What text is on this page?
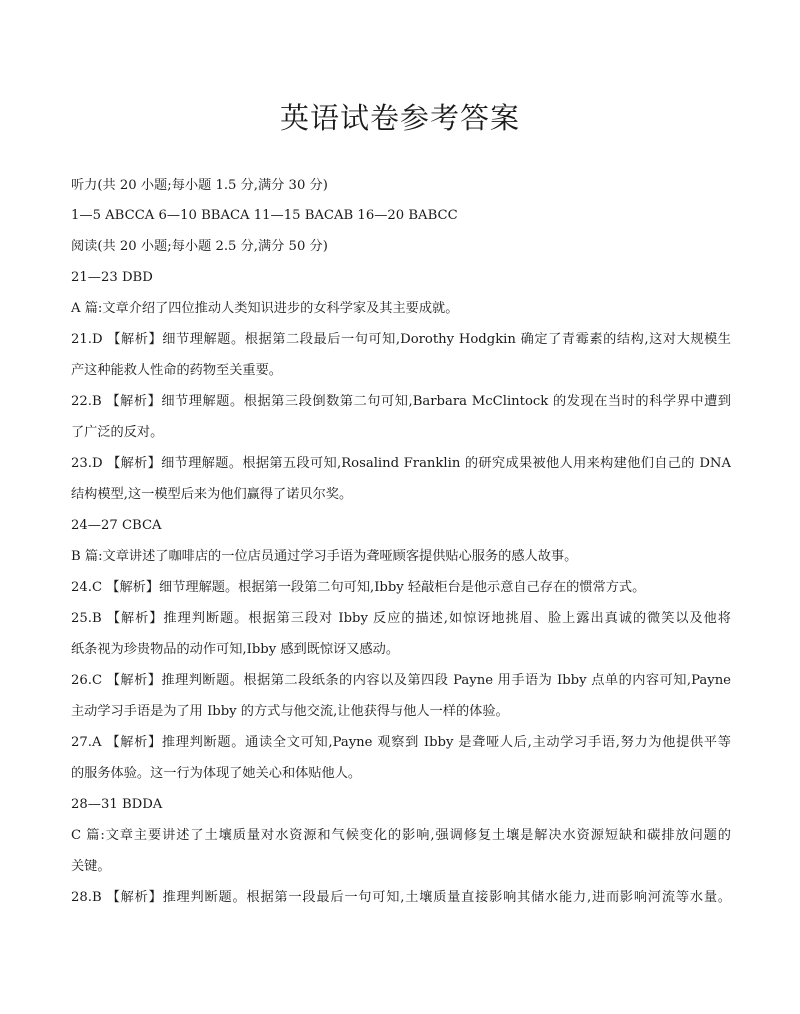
英语试卷参考答案
听力(共 20 小题;每小题 1.5 分,满分 30 分)
1—5 ABCCA 6—10 BBACA 11—15 BACAB 16—20 BABCC
阅读(共 20 小题;每小题 2.5 分,满分 50 分)
21—23 DBD
A 篇:文章介绍了四位推动人类知识进步的女科学家及其主要成就。
21.D 【解析】细节理解题。根据第二段最后一句可知,Dorothy Hodgkin 确定了青霉素的结构,这对大规模生
产这种能救人性命的药物至关重要。
22.B 【解析】细节理解题。根据第三段倒数第二句可知,Barbara McClintock 的发现在当时的科学界中遭到
了广泛的反对。
23.D 【解析】细节理解题。根据第五段可知,Rosalind Franklin 的研究成果被他人用来构建他们自己的 DNA
结构模型,这一模型后来为他们赢得了诺贝尔奖。
24—27 CBCA
B 篇:文章讲述了咖啡店的一位店员通过学习手语为聋哑顾客提供贴心服务的感人故事。
24.C 【解析】细节理解题。根据第一段第二句可知,Ibby 轻敲柜台是他示意自己存在的惯常方式。
25.B 【解析】推理判断题。根据第三段对 Ibby 反应的描述,如惊讶地挑眉、脸上露出真诚的微笑以及他将
纸条视为珍贵物品的动作可知,Ibby 感到既惊讶又感动。
26.C 【解析】推理判断题。根据第二段纸条的内容以及第四段 Payne 用手语为 Ibby 点单的内容可知,Payne
主动学习手语是为了用 Ibby 的方式与他交流,让他获得与他人一样的体验。
27.A 【解析】推理判断题。通读全文可知,Payne 观察到 Ibby 是聋哑人后,主动学习手语,努力为他提供平等
的服务体验。这一行为体现了她关心和体贴他人。
28—31 BDDA
C 篇:文章主要讲述了土壤质量对水资源和气候变化的影响,强调修复土壤是解决水资源短缺和碳排放问题的
关键。
28.B 【解析】推理判断题。根据第一段最后一句可知,土壤质量直接影响其储水能力,进而影响河流等水量。
